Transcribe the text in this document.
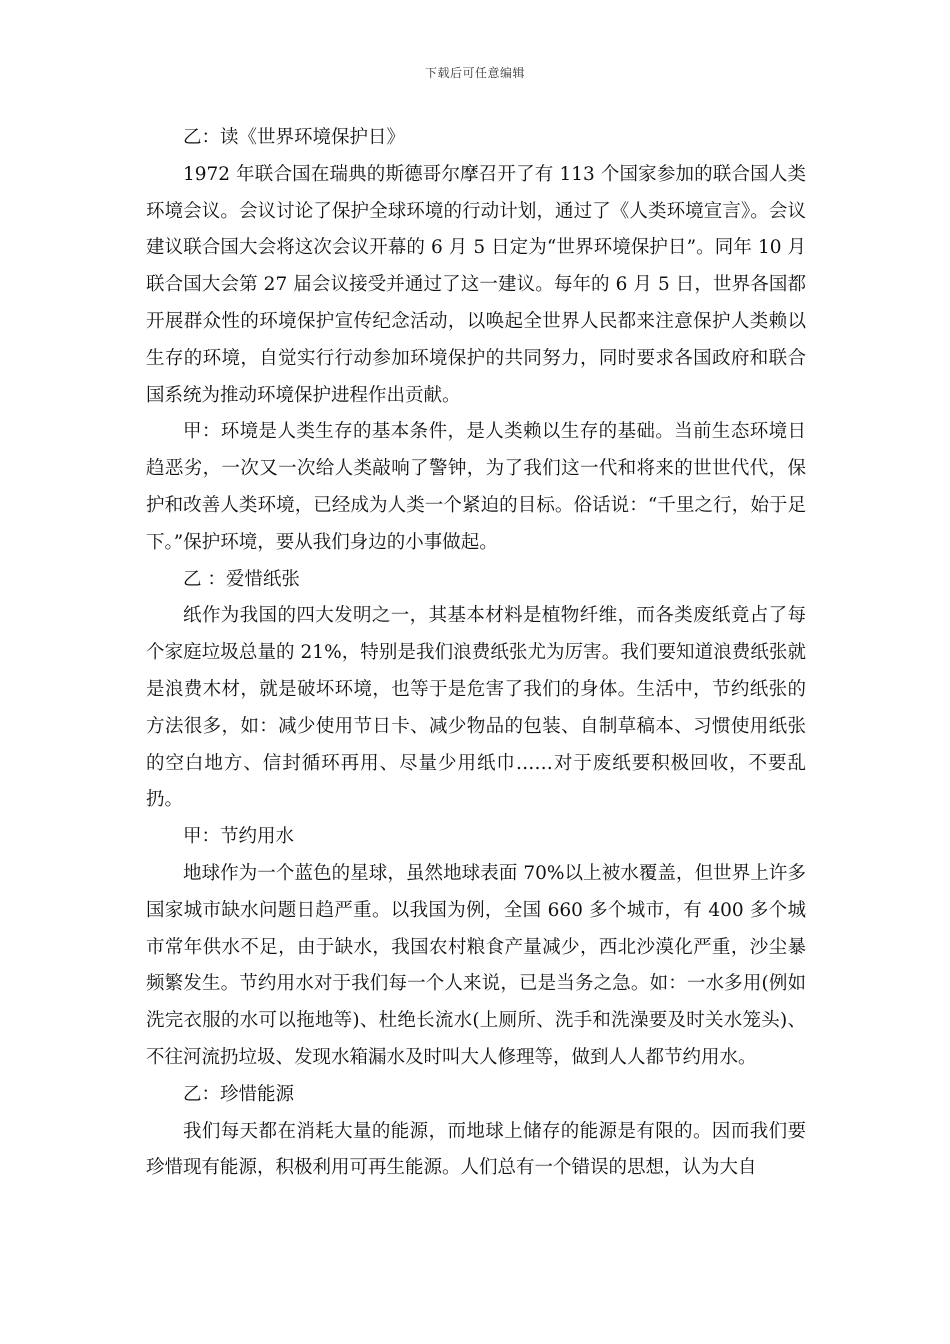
下载后可任意编辑

乙：读《世界环境保护日》

1972 年联合国在瑞典的斯德哥尔摩召开了有 113 个国家参加的联合国人类环境会议。会议讨论了保护全球环境的行动计划，通过了《人类环境宣言》。会议建议联合国大会将这次会议开幕的 6 月 5 日定为“世界环境保护日”。同年 10 月联合国大会第 27 届会议接受并通过了这一建议。每年的 6 月 5 日，世界各国都开展群众性的环境保护宣传纪念活动，以唤起全世界人民都来注意保护人类赖以生存的环境，自觉实行行动参加环境保护的共同努力，同时要求各国政府和联合国系统为推动环境保护进程作出贡献。

甲：环境是人类生存的基本条件，是人类赖以生存的基础。当前生态环境日趋恶劣，一次又一次给人类敲响了警钟，为了我们这一代和将来的世世代代，保护和改善人类环境，已经成为人类一个紧迫的目标。俗话说：“千里之行，始于足下。”保护环境，要从我们身边的小事做起。

乙 ：爱惜纸张

纸作为我国的四大发明之一，其基本材料是植物纤维，而各类废纸竟占了每个家庭垃圾总量的 21%，特别是我们浪费纸张尤为厉害。我们要知道浪费纸张就是浪费木材，就是破坏环境，也等于是危害了我们的身体。生活中，节约纸张的方法很多，如：减少使用节日卡、减少物品的包装、自制草稿本、习惯使用纸张的空白地方、信封循环再用、尽量少用纸巾……对于废纸要积极回收，不要乱扔。

甲：节约用水

地球作为一个蓝色的星球，虽然地球表面 70%以上被水覆盖，但世界上许多国家城市缺水问题日趋严重。以我国为例，全国 660 多个城市，有 400 多个城市常年供水不足，由于缺水，我国农村粮食产量减少，西北沙漠化严重，沙尘暴频繁发生。节约用水对于我们每一个人来说，已是当务之急。如：一水多用(例如洗完衣服的水可以拖地等)、杜绝长流水(上厕所、洗手和洗澡要及时关水笼头)、不往河流扔垃圾、发现水箱漏水及时叫大人修理等，做到人人都节约用水。

乙：珍惜能源

我们每天都在消耗大量的能源，而地球上储存的能源是有限的。因而我们要珍惜现有能源，积极利用可再生能源。人们总有一个错误的思想，认为大自
